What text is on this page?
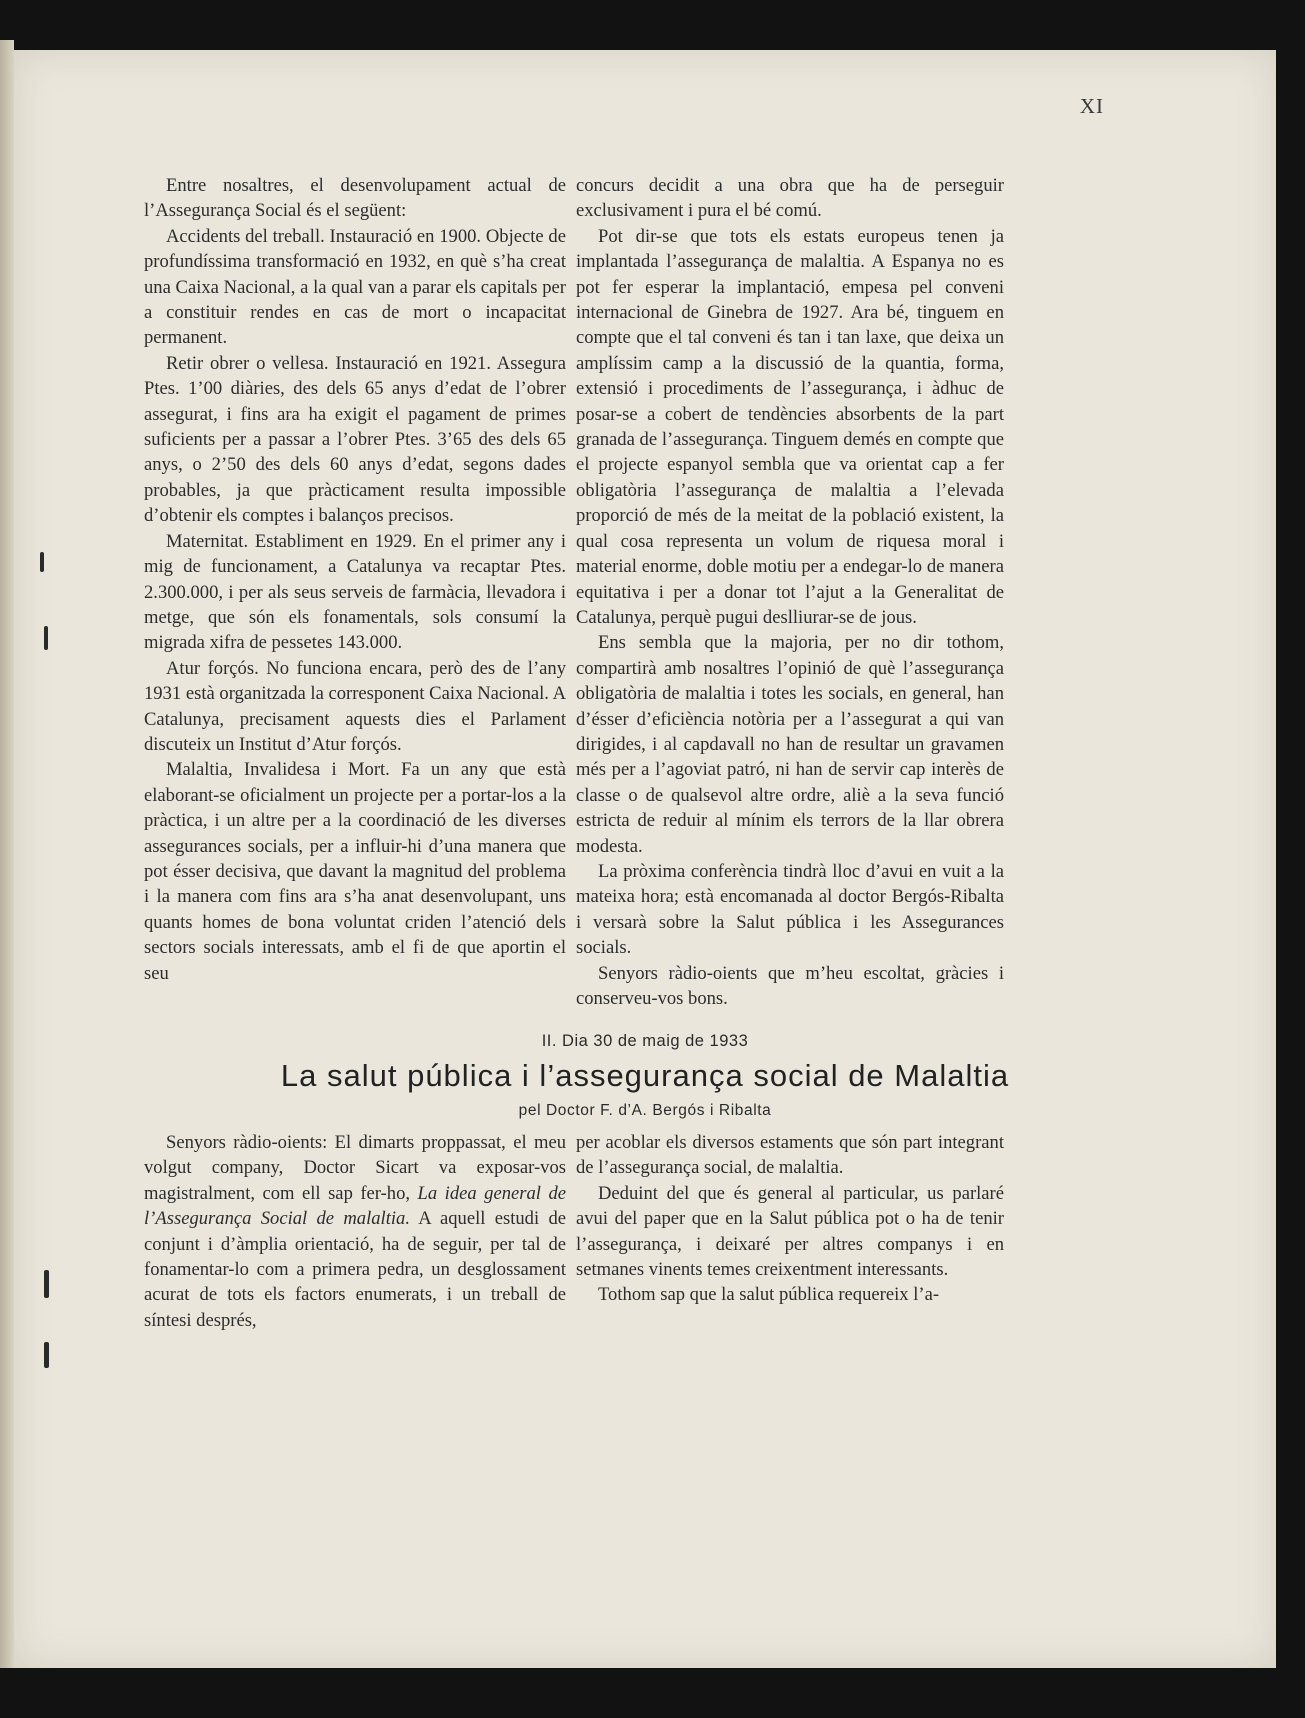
XI

Entre nosaltres, el desenvolupament actual de l’Assegurança Social és el següent:

Accidents del treball. Instauració en 1900. Objecte de profundíssima transformació en 1932, en què s’ha creat una Caixa Nacional, a la qual van a parar els capitals per a constituir rendes en cas de mort o incapacitat permanent.

Retir obrer o vellesa. Instauració en 1921. Assegura Ptes. 1’00 diàries, des dels 65 anys d’edat de l’obrer assegurat, i fins ara ha exigit el pagament de primes suficients per a passar a l’obrer Ptes. 3’65 des dels 65 anys, o 2’50 des dels 60 anys d’edat, segons dades probables, ja que pràcticament resulta impossible d’obtenir els comptes i balanços precisos.

Maternitat. Establiment en 1929. En el primer any i mig de funcionament, a Catalunya va recaptar Ptes. 2.300.000, i per als seus serveis de farmàcia, llevadora i metge, que són els fonamentals, sols consumí la migrada xifra de pessetes 143.000.

Atur forçós. No funciona encara, però des de l’any 1931 està organitzada la corresponent Caixa Nacional. A Catalunya, precisament aquests dies el Parlament discuteix un Institut d’Atur forçós.

Malaltia, Invalidesa i Mort. Fa un any que està elaborant-se oficialment un projecte per a portar-los a la pràctica, i un altre per a la coordinació de les diverses assegurances socials, per a influir-hi d’una manera que pot ésser decisiva, que davant la magnitud del problema i la manera com fins ara s’ha anat desenvolupant, uns quants homes de bona voluntat criden l’atenció dels sectors socials interessats, amb el fi de que aportin el seu

concurs decidit a una obra que ha de perseguir exclusivament i pura el bé comú.

Pot dir-se que tots els estats europeus tenen ja implantada l’assegurança de malaltia. A Espanya no es pot fer esperar la implantació, empesa pel conveni internacional de Ginebra de 1927. Ara bé, tinguem en compte que el tal conveni és tan i tan laxe, que deixa un amplíssim camp a la discussió de la quantia, forma, extensió i procediments de l’assegurança, i àdhuc de posar-se a cobert de tendències absorbents de la part granada de l’assegurança. Tinguem demés en compte que el projecte espanyol sembla que va orientat cap a fer obligatòria l’assegurança de malaltia a l’elevada proporció de més de la meitat de la població existent, la qual cosa representa un volum de riquesa moral i material enorme, doble motiu per a endegar-lo de manera equitativa i per a donar tot l’ajut a la Generalitat de Catalunya, perquè pugui deslliurar-se de jous.

Ens sembla que la majoria, per no dir tothom, compartirà amb nosaltres l’opinió de què l’assegurança obligatòria de malaltia i totes les socials, en general, han d’ésser d’eficiència notòria per a l’assegurat a qui van dirigides, i al capdavall no han de resultar un gravamen més per a l’agoviat patró, ni han de servir cap interès de classe o de qualsevol altre ordre, aliè a la seva funció estricta de reduir al mínim els terrors de la llar obrera modesta.

La pròxima conferència tindrà lloc d’avui en vuit a la mateixa hora; està encomanada al doctor Bergós-Ribalta i versarà sobre la Salut pública i les Assegurances socials.

Senyors ràdio-oients que m’heu escoltat, gràcies i conserveu-vos bons.

II. Dia 30 de maig de 1933
La salut pública i l’assegurança social de Malaltia
pel Doctor F. d’A. Bergós i Ribalta

Senyors ràdio-oients: El dimarts proppassat, el meu volgut company, Doctor Sicart va exposar-vos magistralment, com ell sap fer-ho, La idea general de l’Assegurança Social de malaltia. A aquell estudi de conjunt i d’àmplia orientació, ha de seguir, per tal de fonamentar-lo com a primera pedra, un desglossament acurat de tots els factors enumerats, i un treball de síntesi després,

per acoblar els diversos estaments que són part integrant de l’assegurança social, de malaltia.

Deduint del que és general al particular, us parlaré avui del paper que en la Salut pública pot o ha de tenir l’assegurança, i deixaré per altres companys i en setmanes vinents temes creixentment interessants.

Tothom sap que la salut pública requereix l’a-
